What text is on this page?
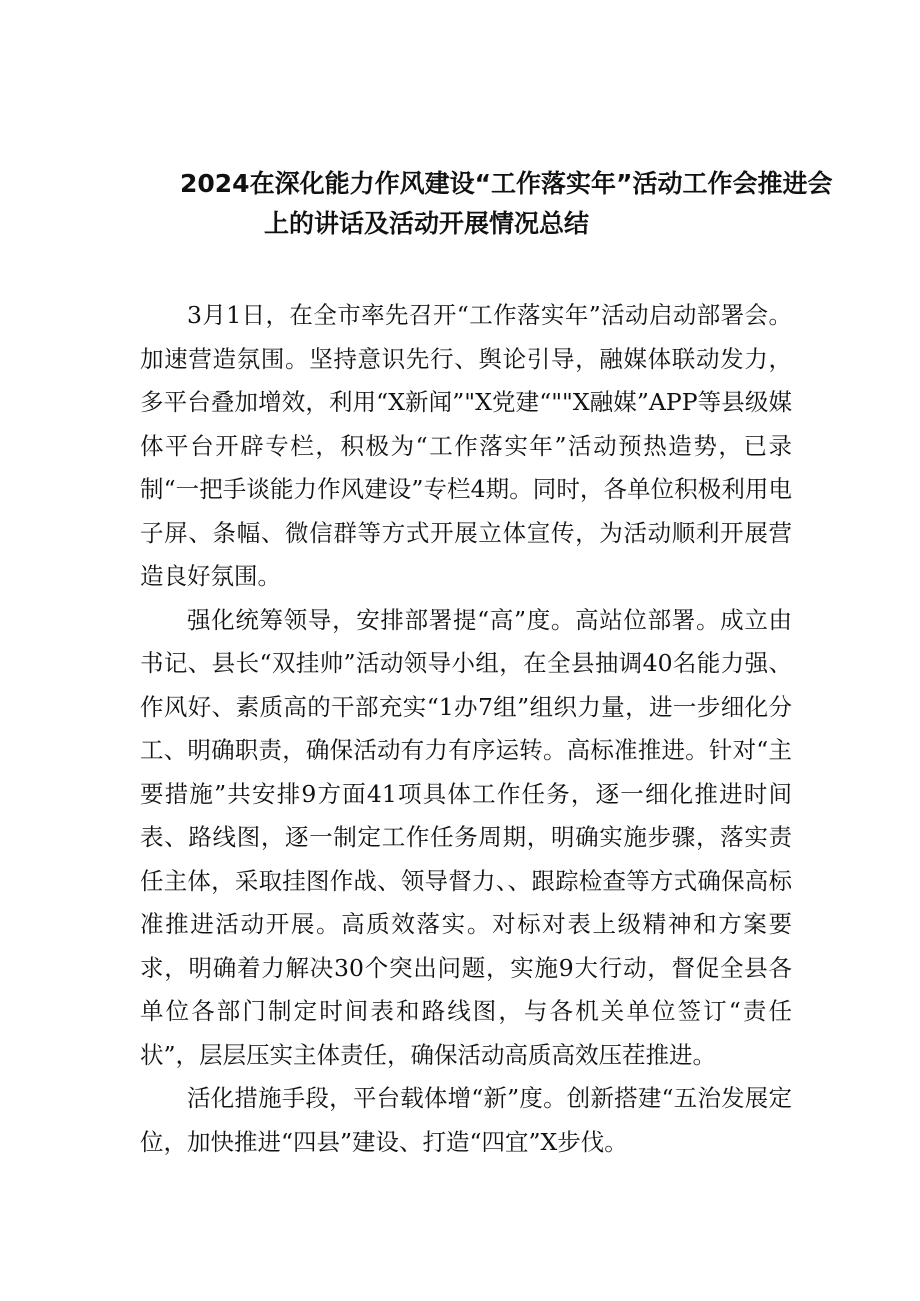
2024在深化能力作风建设“工作落实年”活动工作会推进会
上的讲话及活动开展情况总结

3月1日，在全市率先召开“工作落实年”活动启动部署会。加速营造氛围。坚持意识先行、舆论引导，融媒体联动发力，多平台叠加增效，利用“X新闻”"X党建“""X融媒”APP等县级媒体平台开辟专栏，积极为“工作落实年”活动预热造势，已录制“一把手谈能力作风建设”专栏4期。同时，各单位积极利用电子屏、条幅、微信群等方式开展立体宣传，为活动顺利开展营造良好氛围。

强化统筹领导，安排部署提“高”度。高站位部署。成立由书记、县长“双挂帅”活动领导小组，在全县抽调40名能力强、作风好、素质高的干部充实“1办7组”组织力量，进一步细化分工、明确职责，确保活动有力有序运转。高标准推进。针对“主要措施”共安排9方面41项具体工作任务，逐一细化推进时间表、路线图，逐一制定工作任务周期，明确实施步骤，落实责任主体，采取挂图作战、领导督力、、跟踪检查等方式确保高标准推进活动开展。高质效落实。对标对表上级精神和方案要求，明确着力解决30个突出问题，实施9大行动，督促全县各单位各部门制定时间表和路线图，与各机关单位签订“责任状”，层层压实主体责任，确保活动高质高效压茬推进。

活化措施手段，平台载体增“新”度。创新搭建“五治发展定位，加快推进“四县”建设、打造“四宜”X步伐。
